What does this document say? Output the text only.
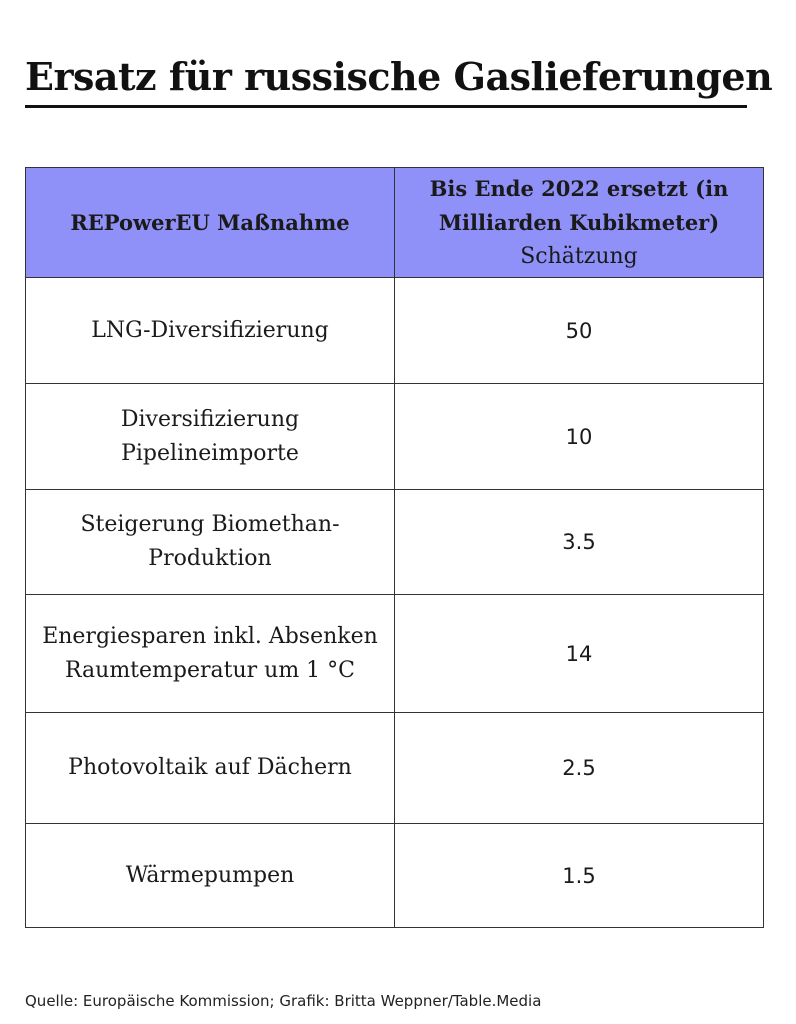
Ersatz für russische Gaslieferungen
REPowerEU Maßnahme	Bis Ende 2022 ersetzt (in Milliarden Kubikmeter)
Schätzung

LNG-Diversifizierung	50
Diversifizierung Pipelineimporte	10
Steigerung Biomethan-Produktion	3.5
Energiesparen inkl. Absenken Raumtemperatur um 1 °C	14
Photovoltaik auf Dächern	2.5
Wärmepumpen	1.5

Quelle: Europäische Kommission; Grafik: Britta Weppner/Table.Media
